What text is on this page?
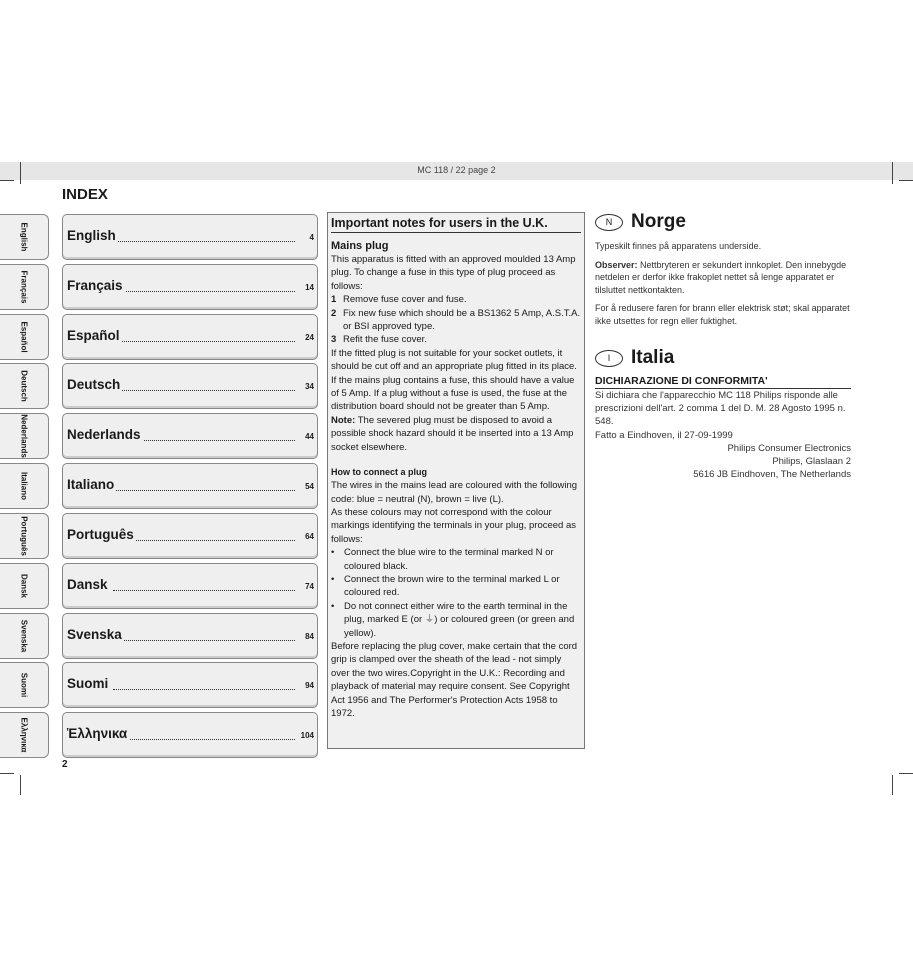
MC 118 / 22 page 2
INDEX
English
Français
Español
Deutsch
Nederlands
Italiano
Português
Dansk
Svenska
Suomi
Ελληνικα
English	4
Français	14
Español	24
Deutsch	34
Nederlands	44
Italiano	54
Português	64
Dansk	74
Svenska	84
Suomi	94
Ἑλληνικα	104
2
Important notes for users in the U.K.
Mains plug

This apparatus is fitted with an approved moulded 13 Amp plug. To change a fuse in this type of plug proceed as follows:

1 Remove fuse cover and fuse.
2 Fix new fuse which should be a BS1362 5 Amp, A.S.T.A. or BSI approved type.
3 Refit the fuse cover.

If the fitted plug is not suitable for your socket outlets, it should be cut off and an appropriate plug fitted in its place.

If the mains plug contains a fuse, this should have a value of 5 Amp. If a plug without a fuse is used, the fuse at the distribution board should not be greater than 5 Amp.

Note: The severed plug must be disposed to avoid a possible shock hazard should it be inserted into a 13 Amp socket elsewhere.

How to connect a plug

The wires in the mains lead are coloured with the following code: blue = neutral (N), brown = live (L).

As these colours may not correspond with the colour markings identifying the terminals in your plug, proceed as follows:

•	Connect the blue wire to the terminal marked N or coloured black.
•	Connect the brown wire to the terminal marked L or coloured red.
•	Do not connect either wire to the earth terminal in the plug, marked E (or ⏚) or coloured green (or green and yellow).

Before replacing the plug cover, make certain that the cord grip is clamped over the sheath of the lead - not simply over the two wires.Copyright in the U.K.: Recording and playback of material may require consent. See Copyright Act 1956 and The Performer's Protection Acts 1958 to 1972.

N Norge

Typeskilt finnes på apparatens underside.

Observer: Nettbryteren er sekundert innkoplet. Den innebygde netdelen er derfor ikke frakoplet nettet så lenge apparatet er tilsluttet nettkontakten.

For å redusere faren for brann eller elektrisk støt; skal apparatet ikke utsettes for regn eller fuktighet.

I	Italia
DICHIARAZIONE DI CONFORMITA'

Si dichiara che l'apparecchio MC 118 Philips risponde alle prescrizioni dell'art. 2 comma 1 del D. M. 28 Agosto 1995 n. 548.

Fatto a Eindhoven, il 27-09-1999

Philips Consumer Electronics

Philips, Glaslaan 2

5616 JB Eindhoven, The Netherlands
